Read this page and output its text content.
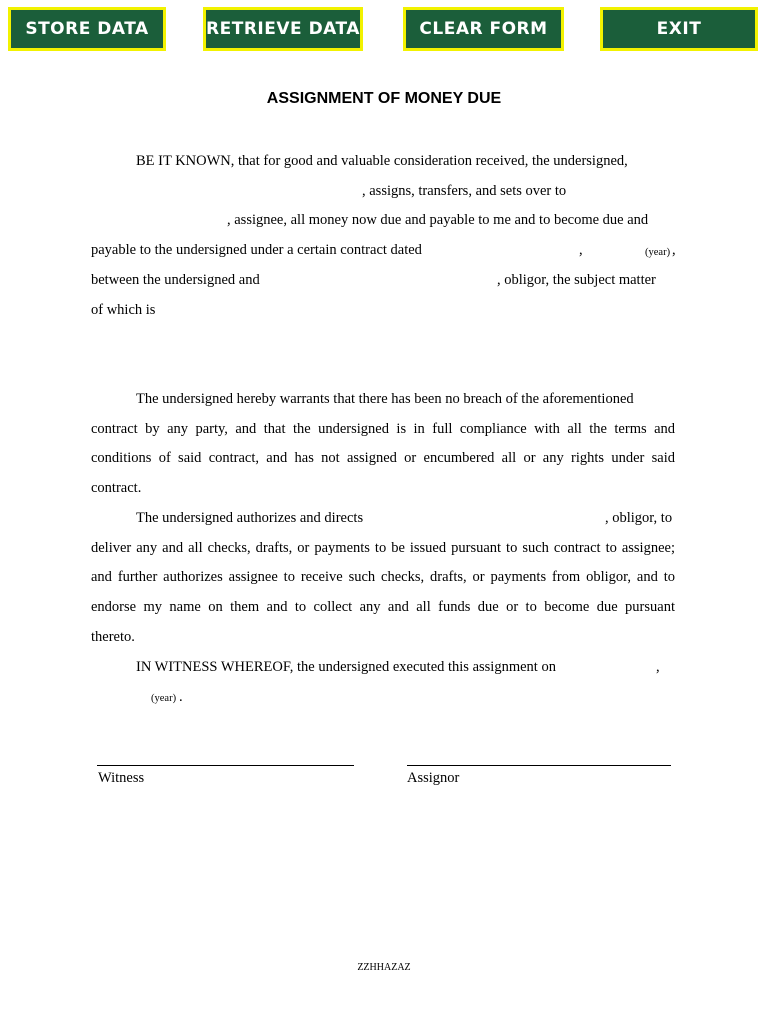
STORE DATA	RETRIEVE DATA	CLEAR FORM	EXIT
ASSIGNMENT OF MONEY DUE
BE IT KNOWN, that for good and valuable consideration received, the undersigned,
, assigns, transfers, and sets over to
, assignee, all money now due and payable to me and to become due and
payable to the undersigned under a certain contract dated	,	(year) ,
between the undersigned and	, obligor, the subject matter
of which is
The undersigned hereby warrants that there has been no breach of the aforementioned
contract by any party, and that the undersigned is in full compliance with all the terms and
conditions of said contract, and has not assigned or encumbered all or any rights under said
contract.
The undersigned authorizes and directs	, obligor, to
deliver any and all checks, drafts, or payments to be issued pursuant to such contract to assignee;
and further authorizes assignee to receive such checks, drafts, or payments from obligor, and to
endorse my name on them and to collect any and all funds due or to become due pursuant
thereto.
IN WITNESS WHEREOF, the undersigned executed this assignment on	,
(year) .
Witness	Assignor
ZZHHAZAZ
